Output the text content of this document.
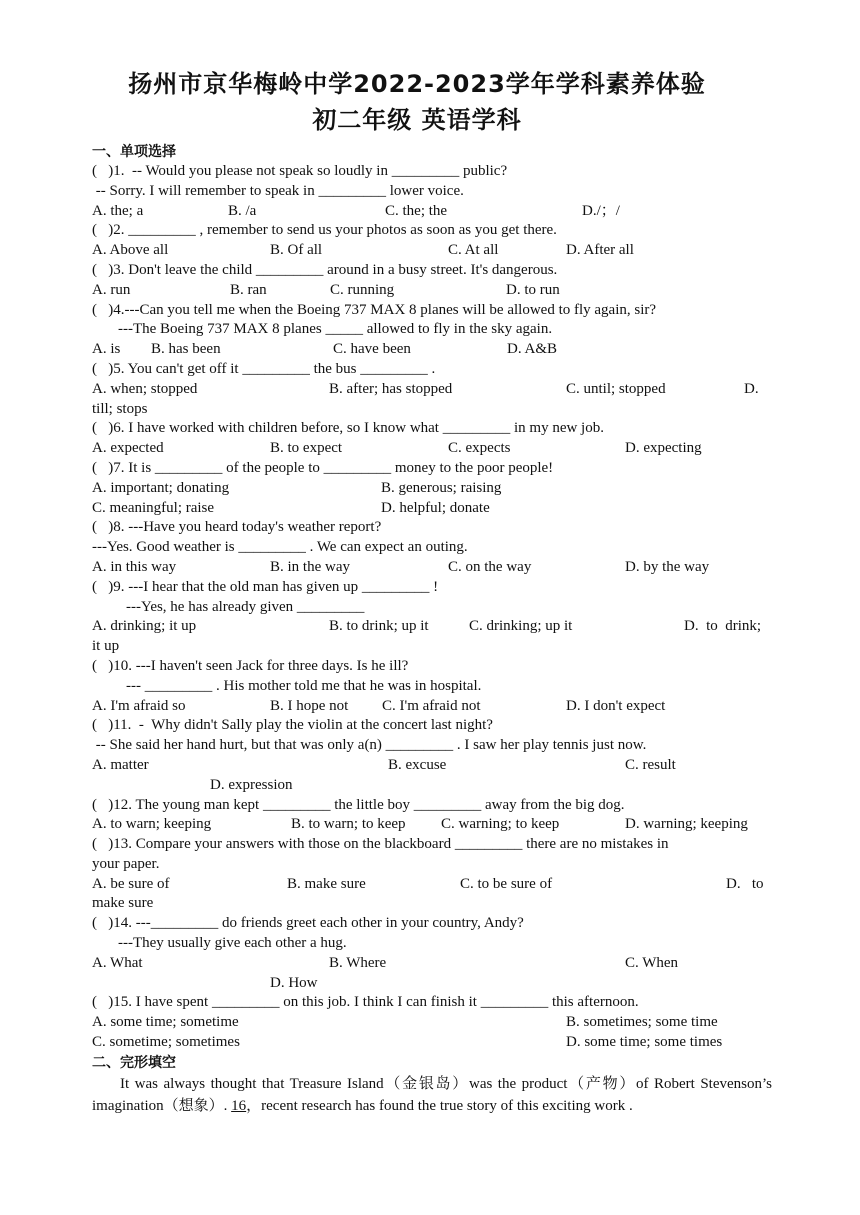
扬州市京华梅岭中学2022-2023学年学科素养体验
初二年级 英语学科
一、单项选择
(   )1.  -- Would you please not speak so loudly in _________ public?
-- Sorry. I will remember to speak in _________ lower voice.
A. the; a	B. /a	C. the; the	D./；/
(   )2. _________ , remember to send us your photos as soon as you get there.
A. Above all	B. Of all	C. At all	D. After all
(   )3. Don't leave the child _________ around in a busy street. It's dangerous.
A. run	B. ran	C. running	D. to run
(   )4.---Can you tell me when the Boeing 737 MAX 8 planes will be allowed to fly again, sir?
---The Boeing 737 MAX 8 planes _____ allowed to fly in the sky again.
A. is B. has been	C. have been	D. A&B
(   )5. You can't get off it _________ the bus _________ .
A. when; stopped	B. after; has stopped	C. until; stopped	D.
till; stops
(   )6. I have worked with children before, so I know what _________ in my new job.
A. expected	B. to expect	C. expects	D. expecting
(   )7. It is _________ of the people to _________ money to the poor people!
A. important; donating	B. generous; raising
C. meaningful; raise	D. helpful; donate
(   )8. ---Have you heard today's weather report?
---Yes. Good weather is _________ . We can expect an outing.
A. in this way	B. in the way	C. on the way	D. by the way
(   )9. ---I hear that the old man has given up _________ !
---Yes, he has already given _________
A. drinking; it up	B. to drink; up it	C. drinking; up it	D.  to  drink;
it up
(   )10. ---I haven't seen Jack for three days. Is he ill?
--- _________ . His mother told me that he was in hospital.
A. I'm afraid so	B. I hope not C. I'm afraid not	D. I don't expect
(   )11.  -  Why didn't Sally play the violin at the concert last night?
-- She said her hand hurt, but that was only a(n) _________ . I saw her play tennis just now.
A. matter	B. excuse	C. result
D. expression
(   )12. The young man kept _________ the little boy _________ away from the big dog.
A. to warn; keeping	B. to warn; to keep C. warning; to keep	D. warning; keeping
(   )13. Compare your answers with those on the blackboard _________ there are no mistakes in
your paper.
A. be sure of	B. make sure	C. to be sure of	D.   to
make sure
(   )14. ---_________ do friends greet each other in your country, Andy?
---They usually give each other a hug.
A. What	B. Where	C. When
D. How
(   )15. I have spent _________ on this job. I think I can finish it _________ this afternoon.
A. some time; sometime	B. sometimes; some time
C. sometime; sometimes	D. some time; some times
二、完形填空
It was always thought that Treasure Island（金银岛）was the product（产物）of Robert Stevenson’s imagination（想象）. 16，recent research has found the true story of this exciting work .
